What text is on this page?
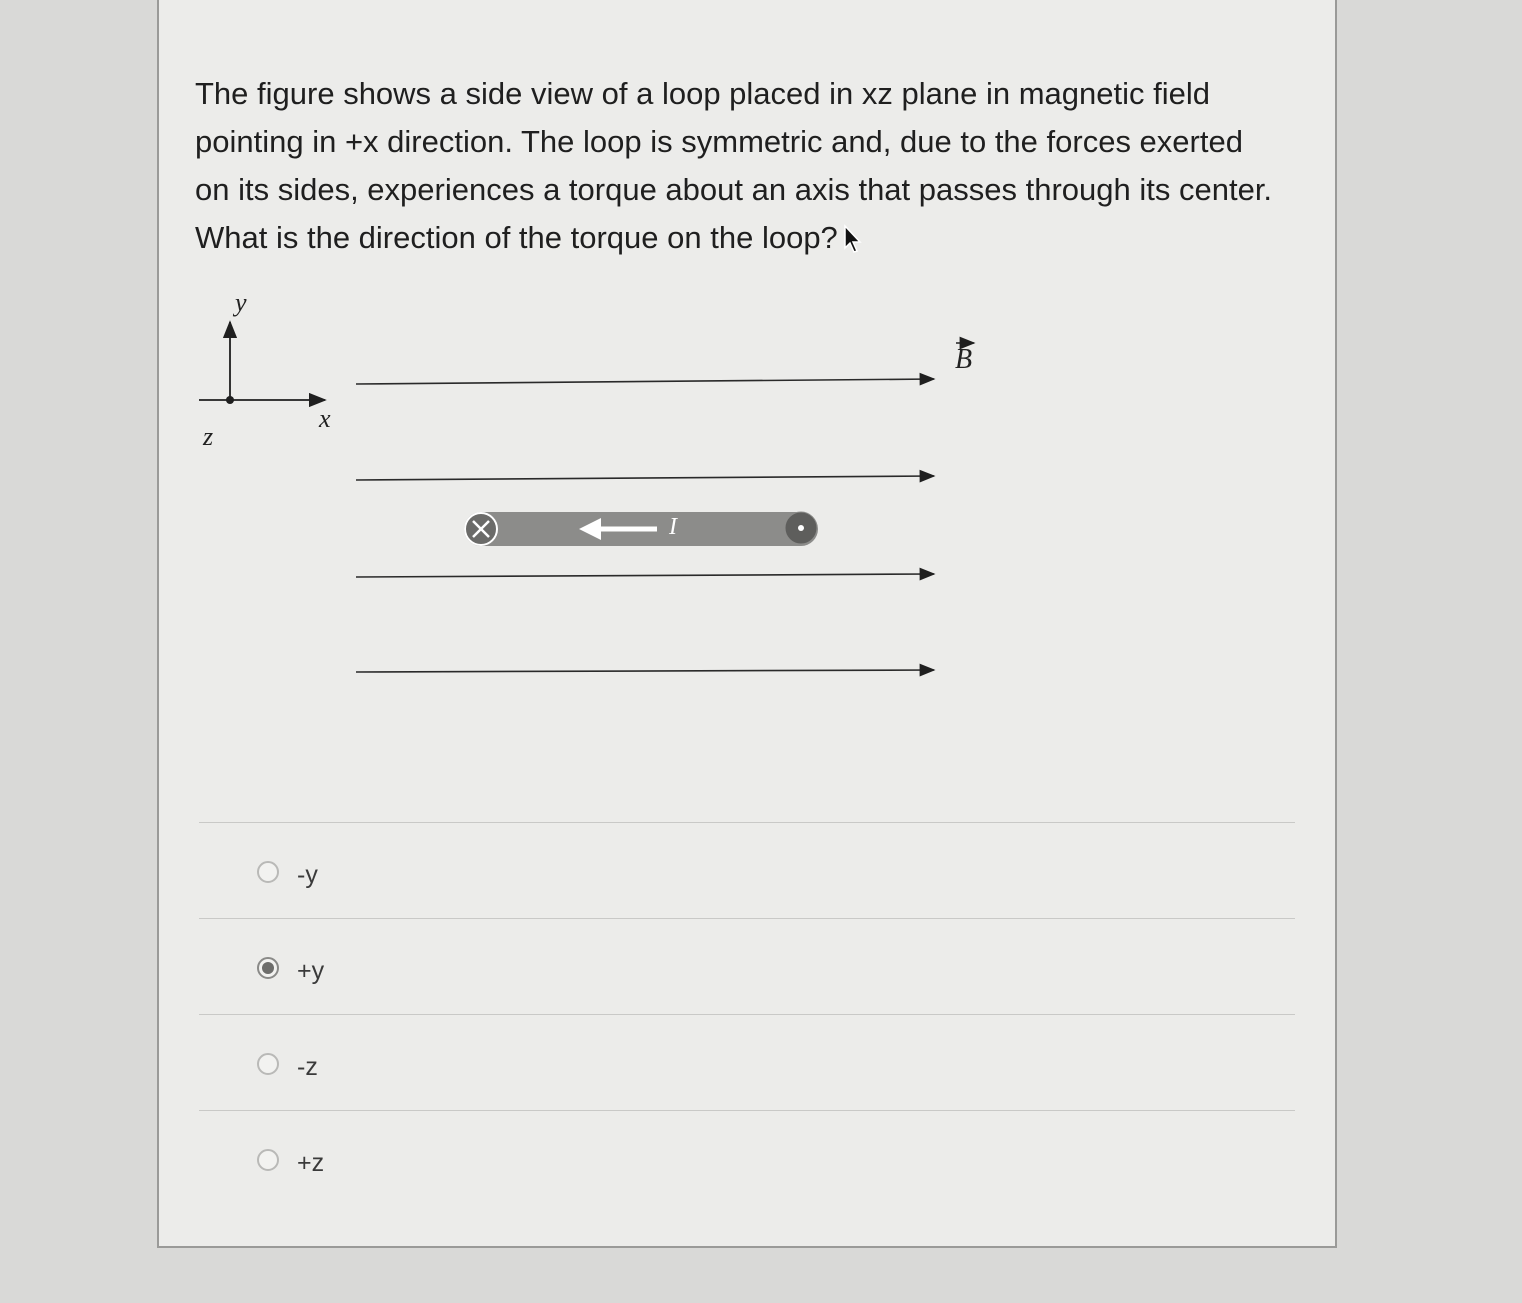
The figure shows a side view of a loop placed in xz plane in magnetic field pointing in +x direction. The loop is symmetric and, due to the forces exerted on its sides, experiences a torque about an axis that passes through its center. What is the direction of the torque on the loop?

y
x
z
B
I
-y
+y
-z
+z
